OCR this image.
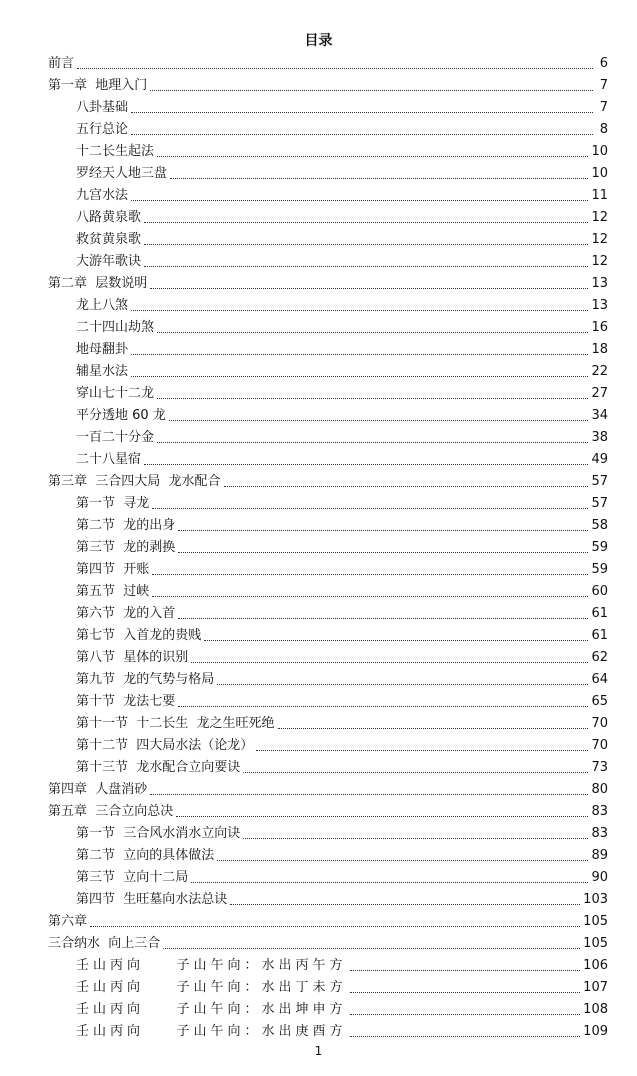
目录
前言	6
第一章  地理入门	7
八卦基础	7
五行总论	8
十二长生起法	10
罗经天人地三盘	10
九宫水法	11
八路黄泉歌	12
救贫黄泉歌	12
大游年歌诀	12
第二章  层数说明	13
龙上八煞	13
二十四山劫煞	16
地母翻卦	18
辅星水法	22
穿山七十二龙	27
平分透地 60 龙	34
一百二十分金	38
二十八星宿	49
第三章  三合四大局  龙水配合	57
第一节  寻龙	57
第二节  龙的出身	58
第三节  龙的剥换	59
第四节  开账	59
第五节  过峡	60
第六节  龙的入首	61
第七节  入首龙的贵贱	61
第八节  星体的识别	62
第九节  龙的气势与格局	64
第十节  龙法七要	65
第十一节  十二长生  龙之生旺死绝	70
第十二节  四大局水法（论龙）	70
第十三节  龙水配合立向要诀	73
第四章  人盘消砂	80
第五章  三合立向总决	83
第一节  三合风水消水立向诀	83
第二节  立向的具体做法	89
第三节  立向十二局	90
第四节  生旺墓向水法总诀	103
第六章	105
三合纳水  向上三合	105
壬山丙向    子山午向：水出丙午方	106
壬山丙向    子山午向：水出丁未方	107
壬山丙向    子山午向：水出坤申方	108
壬山丙向    子山午向：水出庚酉方	109
1
